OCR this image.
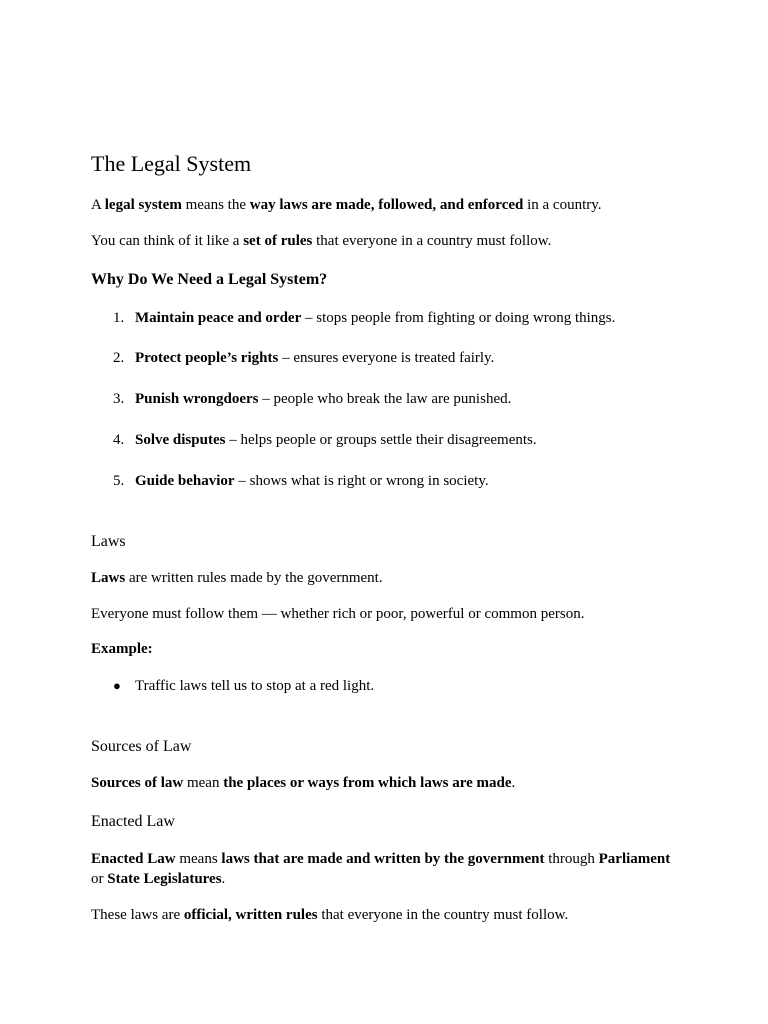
The Legal System

A legal system means the way laws are made, followed, and enforced in a country.

You can think of it like a set of rules that everyone in a country must follow.

Why Do We Need a Legal System?
1. Maintain peace and order – stops people from fighting or doing wrong things.
2. Protect people’s rights – ensures everyone is treated fairly.
3. Punish wrongdoers – people who break the law are punished.
4. Solve disputes – helps people or groups settle their disagreements.
5. Guide behavior – shows what is right or wrong in society.
Laws

Laws are written rules made by the government.

Everyone must follow them — whether rich or poor, powerful or common person.

Example:

● Traffic laws tell us to stop at a red light.
Sources of Law

Sources of law mean the places or ways from which laws are made.

Enacted Law

Enacted Law means laws that are made and written by the government through Parliament
or State Legislatures.

These laws are official, written rules that everyone in the country must follow.
